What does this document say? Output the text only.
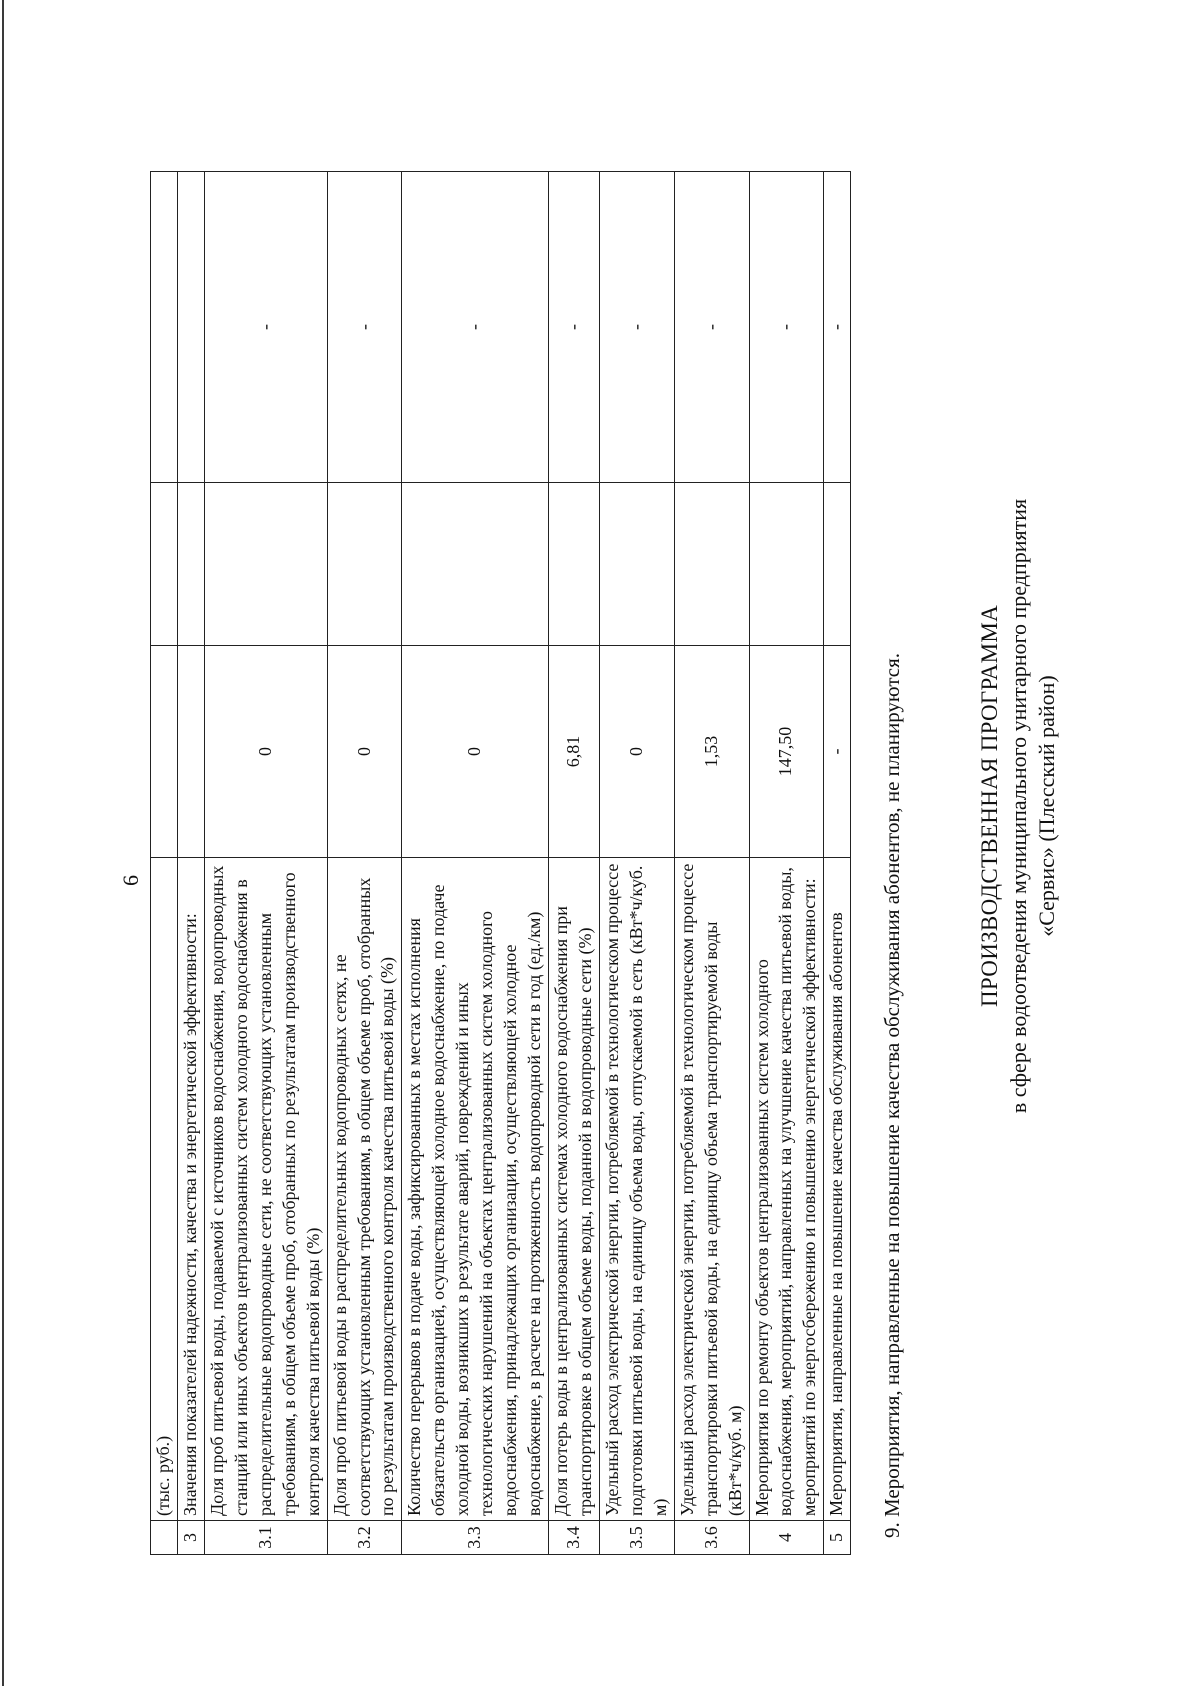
6
	(тыс. руб.)			
3	Значения показателей надежности, качества и энергетической эффективности:			
3.1	Доля проб питьевой воды, подаваемой с источников водоснабжения, водопроводных станций или иных объектов централизованных систем холодного водоснабжения в распределительные водопроводные сети, не соответствующих установленным требованиям, в общем объеме проб, отобранных по результатам производственного контроля качества питьевой воды (%)	0		-
3.2	Доля проб питьевой воды в распределительных водопроводных сетях, не соответствующих установленным требованиям, в общем объеме проб, отобранных по результатам производственного контроля качества питьевой воды (%)	0		-
3.3	Количество перерывов в подаче воды, зафиксированных в местах исполнения обязательств организацией, осуществляющей холодное водоснабжение, по подаче холодной воды, возникших в результате аварий, повреждений и иных технологических нарушений на объектах централизованных систем холодного водоснабжения, принадлежащих организации, осуществляющей холодное водоснабжение, в расчете на протяженность водопроводной сети в год (ед./км)	0		-
3.4	Доля потерь воды в централизованных системах холодного водоснабжения при транспортировке в общем объеме воды, поданной в водопроводные сети (%)	6,81		-
3.5	Удельный расход электрической энергии, потребляемой в технологическом процессе подготовки питьевой воды, на единицу объема воды, отпускаемой в сеть (кВт*ч/куб. м)	0		-
3.6	Удельный расход электрической энергии, потребляемой в технологическом процессе транспортировки питьевой воды, на единицу объема транспортируемой воды (кВт*ч/куб. м)	1,53		-
4	Мероприятия по ремонту объектов централизованных систем холодного водоснабжения, мероприятий, направленных на улучшение качества питьевой воды, мероприятий по энергосбережению и повышению энергетической эффективности:	147,50		-
5	Мероприятия, направленные на повышение качества обслуживания абонентов	-		-
9. Мероприятия, направленные на повышение качества обслуживания абонентов, не планируются.	ПРОИЗВОДСТВЕННАЯ ПРОГРАММА в сфере водоотведения муниципального унитарного предприятия «Сервис» (Плесский район)
